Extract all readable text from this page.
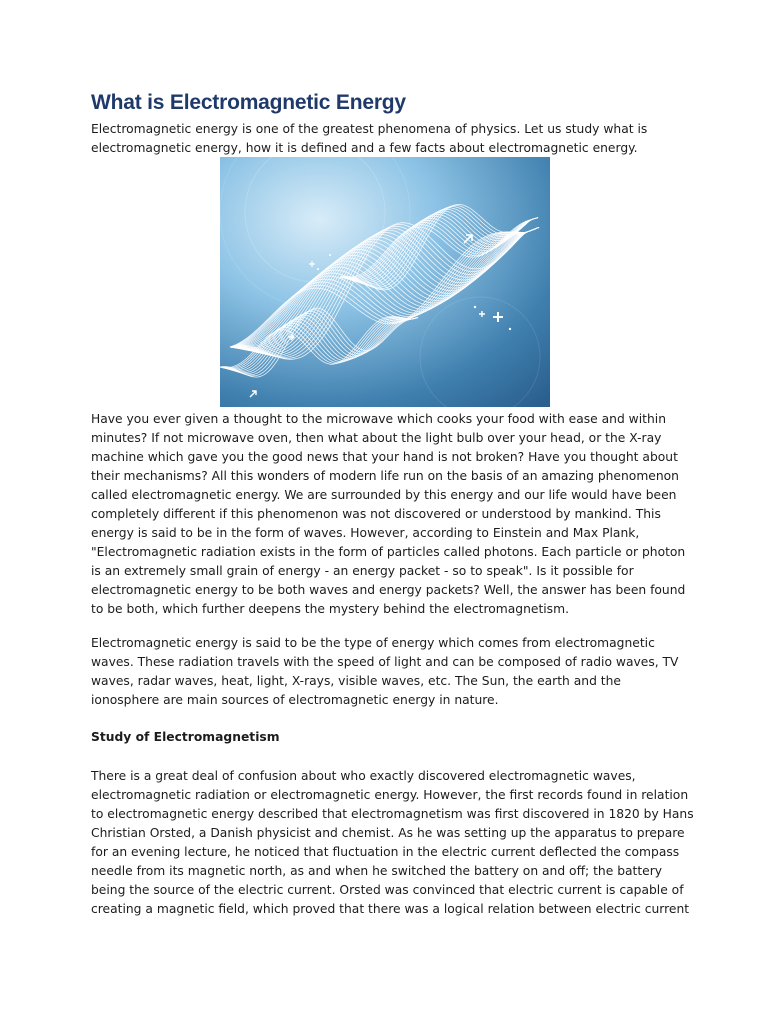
What is Electromagnetic Energy
Electromagnetic energy is one of the greatest phenomena of physics. Let us study what is
electromagnetic energy, how it is defined and a few facts about electromagnetic energy.
Have you ever given a thought to the microwave which cooks your food with ease and within
minutes? If not microwave oven, then what about the light bulb over your head, or the X-ray
machine which gave you the good news that your hand is not broken? Have you thought about
their mechanisms? All this wonders of modern life run on the basis of an amazing phenomenon
called electromagnetic energy. We are surrounded by this energy and our life would have been
completely different if this phenomenon was not discovered or understood by mankind. This
energy is said to be in the form of waves. However, according to Einstein and Max Plank,
"Electromagnetic radiation exists in the form of particles called photons. Each particle or photon
is an extremely small grain of energy - an energy packet - so to speak". Is it possible for
electromagnetic energy to be both waves and energy packets? Well, the answer has been found
to be both, which further deepens the mystery behind the electromagnetism.
Electromagnetic energy is said to be the type of energy which comes from electromagnetic
waves. These radiation travels with the speed of light and can be composed of radio waves, TV
waves, radar waves, heat, light, X-rays, visible waves, etc. The Sun, the earth and the
ionosphere are main sources of electromagnetic energy in nature.
Study of Electromagnetism
There is a great deal of confusion about who exactly discovered electromagnetic waves,
electromagnetic radiation or electromagnetic energy. However, the first records found in relation
to electromagnetic energy described that electromagnetism was first discovered in 1820 by Hans
Christian Orsted, a Danish physicist and chemist. As he was setting up the apparatus to prepare
for an evening lecture, he noticed that fluctuation in the electric current deflected the compass
needle from its magnetic north, as and when he switched the battery on and off; the battery
being the source of the electric current. Orsted was convinced that electric current is capable of
creating a magnetic field, which proved that there was a logical relation between electric current
